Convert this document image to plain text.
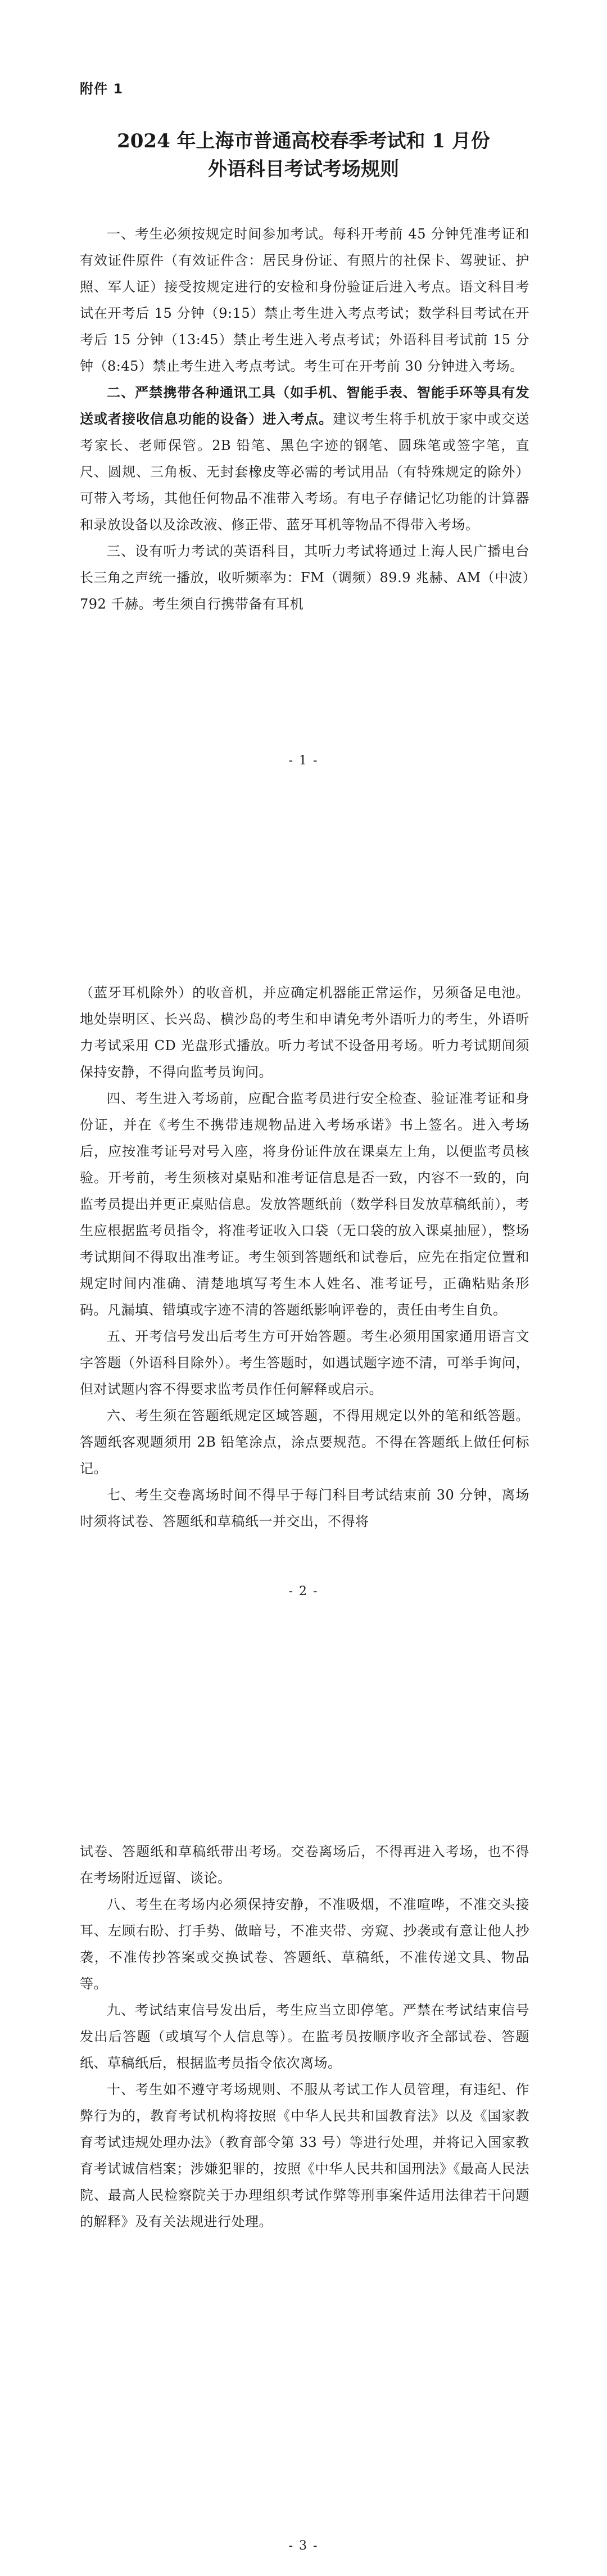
附件 1
2024 年上海市普通高校春季考试和 1 月份
外语科目考试考场规则

一、考生必须按规定时间参加考试。每科开考前 45 分钟凭准考证和有效证件原件（有效证件含：居民身份证、有照片的社保卡、驾驶证、护照、军人证）接受按规定进行的安检和身份验证后进入考点。语文科目考试在开考后 15 分钟（9:15）禁止考生进入考点考试；数学科目考试在开考后 15 分钟（13:45）禁止考生进入考点考试；外语科目考试前 15 分钟（8:45）禁止考生进入考点考试。考生可在开考前 30 分钟进入考场。

二、严禁携带各种通讯工具（如手机、智能手表、智能手环等具有发送或者接收信息功能的设备）进入考点。建议考生将手机放于家中或交送考家长、老师保管。2B 铅笔、黑色字迹的钢笔、圆珠笔或签字笔，直尺、圆规、三角板、无封套橡皮等必需的考试用品（有特殊规定的除外）可带入考场，其他任何物品不准带入考场。有电子存储记忆功能的计算器和录放设备以及涂改液、修正带、蓝牙耳机等物品不得带入考场。

三、设有听力考试的英语科目，其听力考试将通过上海人民广播电台长三角之声统一播放，收听频率为：FM（调频）89.9 兆赫、AM（中波）792 千赫。考生须自行携带备有耳机

- 1 -

（蓝牙耳机除外）的收音机，并应确定机器能正常运作，另须备足电池。地处崇明区、长兴岛、横沙岛的考生和申请免考外语听力的考生，外语听力考试采用 CD 光盘形式播放。听力考试不设备用考场。听力考试期间须保持安静，不得向监考员询问。

四、考生进入考场前，应配合监考员进行安全检查、验证准考证和身份证，并在《考生不携带违规物品进入考场承诺》书上签名。进入考场后，应按准考证号对号入座，将身份证件放在课桌左上角，以便监考员核验。开考前，考生须核对桌贴和准考证信息是否一致，内容不一致的，向监考员提出并更正桌贴信息。发放答题纸前（数学科目发放草稿纸前），考生应根据监考员指令，将准考证收入口袋（无口袋的放入课桌抽屉），整场考试期间不得取出准考证。考生领到答题纸和试卷后，应先在指定位置和规定时间内准确、清楚地填写考生本人姓名、准考证号，正确粘贴条形码。凡漏填、错填或字迹不清的答题纸影响评卷的，责任由考生自负。

五、开考信号发出后考生方可开始答题。考生必须用国家通用语言文字答题（外语科目除外）。考生答题时，如遇试题字迹不清，可举手询问，但对试题内容不得要求监考员作任何解释或启示。

六、考生须在答题纸规定区域答题，不得用规定以外的笔和纸答题。答题纸客观题须用 2B 铅笔涂点，涂点要规范。不得在答题纸上做任何标记。

七、考生交卷离场时间不得早于每门科目考试结束前 30 分钟，离场时须将试卷、答题纸和草稿纸一并交出，不得将

- 2 -

试卷、答题纸和草稿纸带出考场。交卷离场后，不得再进入考场，也不得在考场附近逗留、谈论。

八、考生在考场内必须保持安静，不准吸烟，不准喧哗，不准交头接耳、左顾右盼、打手势、做暗号，不准夹带、旁窥、抄袭或有意让他人抄袭，不准传抄答案或交换试卷、答题纸、草稿纸，不准传递文具、物品等。

九、考试结束信号发出后，考生应当立即停笔。严禁在考试结束信号发出后答题（或填写个人信息等）。在监考员按顺序收齐全部试卷、答题纸、草稿纸后，根据监考员指令依次离场。

十、考生如不遵守考场规则、不服从考试工作人员管理，有违纪、作弊行为的，教育考试机构将按照《中华人民共和国教育法》以及《国家教育考试违规处理办法》（教育部令第 33 号）等进行处理，并将记入国家教育考试诚信档案；涉嫌犯罪的，按照《中华人民共和国刑法》《最高人民法院、最高人民检察院关于办理组织考试作弊等刑事案件适用法律若干问题的解释》及有关法规进行处理。

- 3 -
